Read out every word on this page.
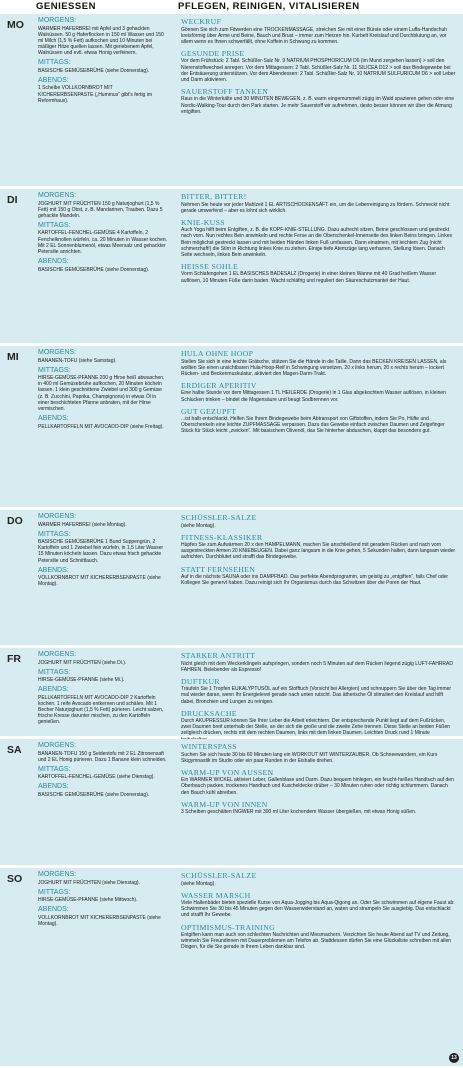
GENIESSEN	PFLEGEN, REINIGEN, VITALISIEREN
MO MORGENS:
WARMER HAFERBREI mit Apfel und 3 gehackten Walnüssen. 50 g Haferflocken in 150 ml Wasser und 150 ml Milch (1,5 % Fett) aufkochen und 10 Minuten bei mäßiger Hitze quellen lassen. Mit geriebenem Apfel, Walnüssen und evtl. etwas Honig verfeinern.
MITTAGS:
BASISCHE GEMÜSEBRÜHE (siehe Donnerstag).
ABENDS:
1 Scheibe VOLLKORNBROT MIT KICHERERBSENPASTE („Hummus“ gibt’s fertig im Reformhaus).
WECKRUF
Gönnen Sie sich zum Fitwerden eine TROCKENMASSAGE, streichen Sie mit einer Bürste oder einem Luffa-Handschuh kreisförmig über Arme und Beine, Bauch und Brust – immer zum Herzen hin. Kurbelt Kreislauf und Durchblutung an, vor allem wenn es Ihnen schwerfällt, ohne Koffein in Schwung zu kommen.
GESUNDE PRISE
Vor dem Frühstück: 2 Tabl. Schüßler-Salz Nr. 9 NATRIUM PHOSPHORICUM D6 (im Mund zergehen lassen) > soll den Nierenstoffwechsel anregen. Vor dem Mittagessen: 2 Tabl. Schüßler-Salz Nr. 11 SILICEA D12 > soll das Bindegewebe bei der Entsäuerung unterstützen. Vor dem Abendessen: 2 Tabl. Schüßler-Salz Nr. 10 NATRIUM SULFURICUM D6 > soll Leber und Darm aktivieren.
SAUERSTOFF TANKEN
Raus in die Winterkälte und 30 MINUTEN BEWEGEN, z. B. warm eingemummelt zügig im Wald spazieren gehen oder eine Nordic-Walking-Tour durch den Park starten. Je mehr Sauerstoff wir aufnehmen, desto besser können wir über die Atmung entgiften.
DI	MORGENS:
JOGHURT MIT FRÜCHTEN 150 g Naturjoghurt (1,5 % Fett) mit 150 g Obst, z. B. Mandarinen, Trauben. Dazu 5 gehackte Mandeln.
MITTAGS:
KARTOFFEL-FENCHEL-GEMÜSE 4 Kartoffeln, 2 Fenchelknollen würfeln, ca. 20 Minuten in Wasser kochen. Mit 2 EL Sonnenblumenöl, etwas Meersalz und gehackter Petersilie anrichten.
ABENDS:
BASISCHE GEMÜSEBRÜHE (siehe Donnerstag).
BITTER, BITTER!
Nehmen Sie heute vor jeder Mahlzeit 1 EL ARTISCHOCKENSAFT ein, um die Leberreinigung zu fördern. Schmeckt nicht gerade umwerfend – aber es lohnt sich wirklich.
KNIE-KUSS
Auch Yoga hilft beim Entgiften, z. B. die KOPF-KNIE-STELLUNG. Dazu aufrecht sitzen, Beine geschlossen und gestreckt nach vorn. Nun rechtes Bein anwinkeln und rechte Ferse an die Oberschenkel-Innenseite des linken Beins bringen. Linkes Bein möglichst gestreckt lassen und mit beiden Händen linken Fuß umfassen. Dann einatmen, mit leichtem Zug (nicht schmerzhaft!) die Stirn in Richtung linkes Knie zu ziehen. Einige tiefe Atemzüge lang verharren, Stellung lösen. Danach Seite wechseln, linkes Bein anwinkeln.
HEISSE SOHLE
Vorm Schlafengehen 1 EL BASISCHES BADESALZ (Drogerie) in einer kleinen Wanne mit 40 Grad heißem Wasser auflösen, 10 Minuten Füße darin baden. Wacht schläfrig und reguliert den Säureschutzmantel der Haut.
MI	MORGENS:
BANANEN-TOFU (siehe Samstag).
MITTAGS:
HIRSE-GEMÜSE-PFANNE 200 g Hirse heiß abwaschen, in 400 ml Gemüsebrühe aufkochen, 20 Minuten köcheln lassen. 1 klein geschnittene Zwiebel und 300 g Gemüse (z. B. Zucchini, Paprika, Champignons) in etwas Öl in einer beschichteten Pfanne anbraten, mit der Hirse vermischen.
ABENDS:
PELLKARTOFFELN MIT AVOCADO-DIP (siehe Freitag).
HULA OHNE HOOP
Stellen Sie sich in eine leichte Grätsche, stützen Sie die Hände in die Taille. Dann das BECKEN KREISEN LASSEN, als wollten Sie einen unsichtbaren Hula-Hoop-Reif in Schwingung versetzen. 20 x links herum, 20 x rechts herum – lockert Rücken- und Beckenmuskulatur, aktiviert den Magen-Darm-Trakt.
ERDIGER APERITIV
Eine halbe Stunde vor dem Mittagessen 1 TL HEILERDE (Drogerie) in 1 Glas abgekochtem Wasser auflösen, in kleinen Schlucken trinken – bindet die Magensäure und beugt Sodbrennen vor.
GUT GEZUPFT
...ist halb entschlackt. Helfen Sie Ihrem Bindegewebe beim Abtransport von Giftstoffen, indem Sie Po, Hüfte und Oberschenkeln eine leichte ZUPFMASSAGE verpassen. Dazu das Gewebe einfach zwischen Daumen und Zeigefinger Stück für Stück leicht „zwicken“. Mit basischem Olivenöl, das Sie hinterher abduschen, klappt das besonders gut.
DO MORGENS:
WARMER HAFERBREI (siehe Montag).
MITTAGS:
BASISCHE GEMÜSEBRÜHE 1 Bund Suppengrün, 2 Kartoffeln und 1 Zwiebel fein würfeln, in 1,5 Liter Wasser 15 Minuten köcheln lassen. Dazu etwas frisch gehackte Petersilie und Schnittlauch.
ABENDS:
VOLLKORNBROT MIT KICHERERBSENPASTE (siehe Montag).
SCHÜSSLER-SALZE
(siehe Montag).
FITNESS-KLASSIKER
Hüpfen Sie zum Aufwärmen 20 x den HAMPELMANN, machen Sie anschließend mit geradem Rücken und nach vorn ausgestreckten Armen 20 KNIEBEUGEN. Dabei ganz langsam in die Knie gehen, 5 Sekunden halten, dann langsam wieder aufrichten. Durchblutet und strafft das Bindegewebe.
STATT FERNSEHEN
Auf in die nächste SAUNA oder ins DAMPFBAD. Das perfekte Abendprogramm, um geistig zu „entgiften“, falls Chef oder Kollegen Sie genervt haben. Dazu reinigt sich Ihr Organismus durch das Schwitzen über die Poren der Haut.
FR MORGENS:
JOGHURT MIT FRÜCHTEN (siehe Di.).
MITTAGS:
HIRSE-GEMÜSE-PFANNE (siehe Mi.).
ABENDS:
PELLKARTOFFELN MIT AVOCADO-DIP 2 Kartoffeln kochen. 1 reife Avocado entkernen und schälen. Mit 1 Becher Naturjoghurt (1,5 % Fett) pürieren. Leicht salzen, frische Kresse darunter mischen, zu den Kartoffeln genießen.
STARKER ANTRITT
Nicht gleich mit dem Weckerklingeln aufspringen, sondern noch 5 Minuten auf dem Rücken liegend zügig LUFT-FAHRRAD FAHREN. Belebender als Espresso!
DUFTKUR
Träufeln Sie 1 Tropfen EUKALYPTUSÖL auf ein Stofftuch (Vorsicht bei Allergien) und schnuppern Sie über den Tag immer mal wieder daran, wenn Ihr Energielevel gerade nach unten rutscht. Das ätherische Öl stimuliert den Kreislauf und hilft dabei, Bronchien und Lungen zu reinigen.
DRUCKSACHE
Durch AKUPRESSUR können Sie Ihrer Leber die Arbeit erleichtern. Der entsprechende Punkt liegt auf dem Fußrücken, zwei Daumen breit unterhalb der Stelle, an der sich die große und die zweite Zehe trennen. Diese Stelle an beiden Füßen zeitgleich drücken, rechts mit dem rechten Daumen, links mit dem linken Daumen. Leichten Druck rund 1 Minute
SA MORGENS:
BANANEN-TOFU 150 g Seidentofu mit 2 EL Zitronensaft und 2 EL Honig pürieren. Dazu 1 Banane klein schneiden.
MITTAGS:
KARTOFFEL-FENCHEL-GEMÜSE (siehe Dienstag).
ABENDS:
BASISCHE GEMÜSEBRÜHE (siehe Donnerstag).
WINTERSPASS
Suchen Sie sich heute 30 bis 60 Minuten lang ein WORKOUT MIT WINTERZAUBER. Ob Schneewandern, ein Kurs Skigymnastik im Studio oder ein paar Runden in der Eishalle drehen.
WARM-UP VON AUSSEN
Ein WARMER WICKEL aktiviert Leber, Gallenblase und Darm. Dazu bequem hinlegen, ein feucht-heißes Handtuch auf den Oberbauch packen, trockenes Handtuch und Kuscheldecke drüber – 30 Minuten ruhen oder richtig schlummern. Danach den Bauch kühl abreiben.
WARM-UP VON INNEN
3 Scheiben geschälten INGWER mit 300 ml Liter kochendem Wasser übergießen, mit etwas Honig süßen.
SO MORGENS:
JOGHURT MIT FRÜCHTEN (siehe Dienstag).
MITTAGS:
HIRSE-GEMÜSE-PFANNE (siehe Mittwoch).
ABENDS:
VOLLKORNBROT MIT KICHERERBSENPASTE (siehe Montag).
SCHÜSSLER-SALZE
(siehe Montag).
WASSER MARSCH
Viele Hallenbäder bieten spezielle Kurse von Aqua-Jogging bis Aqua-Qigong an. Oder Sie schwimmen auf eigene Faust ab: Schwimmen Sie 30 bis 45 Minuten gegen den Wasserwiderstand an, waten und strampeln Sie ausgiebig. Das entschlackt und strafft Ihr Gewebe.
OPTIMISMUS-TRAINING
Entgiften kann man auch von schlechten Nachrichten und Miesmachern. Verzichten Sie heute Abend auf TV und Zeitung, wimmeln Sie Freundinnen mit Dauerproblemen am Telefon ab. Stattdessen dürfen Sie eine Glücksliste schreiben mit allen Dingen, für die Sie gerade in Ihrem Leben dankbar sind.
13
